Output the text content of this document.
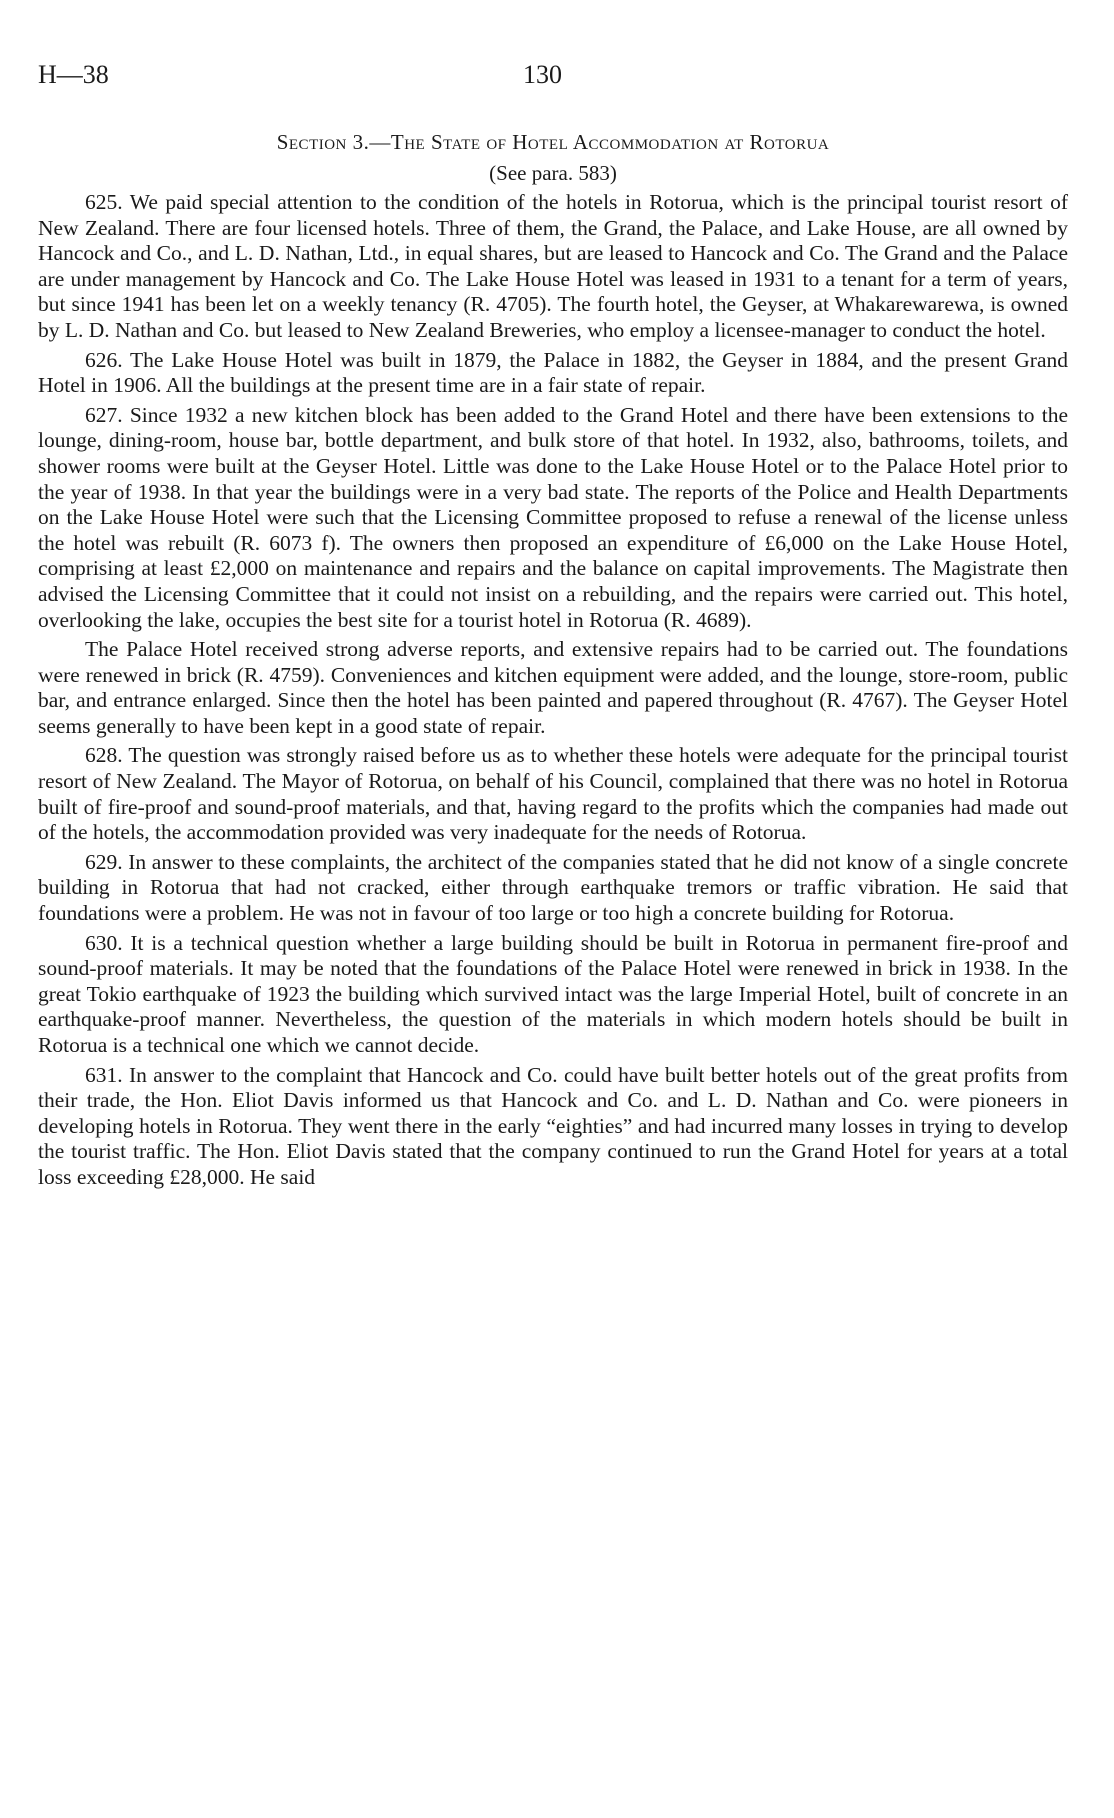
H—38	130
Section 3.—The State of Hotel Accommodation at Rotorua
(See para. 583)

625. We paid special attention to the condition of the hotels in Rotorua, which is the principal tourist resort of New Zealand. There are four licensed hotels. Three of them, the Grand, the Palace, and Lake House, are all owned by Hancock and Co., and L. D. Nathan, Ltd., in equal shares, but are leased to Hancock and Co. The Grand and the Palace are under management by Hancock and Co. The Lake House Hotel was leased in 1931 to a tenant for a term of years, but since 1941 has been let on a weekly tenancy (R. 4705). The fourth hotel, the Geyser, at Whakarewarewa, is owned by L. D. Nathan and Co. but leased to New Zealand Breweries, who employ a licensee-manager to conduct the hotel.

626. The Lake House Hotel was built in 1879, the Palace in 1882, the Geyser in 1884, and the present Grand Hotel in 1906. All the buildings at the present time are in a fair state of repair.

627. Since 1932 a new kitchen block has been added to the Grand Hotel and there have been extensions to the lounge, dining-room, house bar, bottle department, and bulk store of that hotel. In 1932, also, bathrooms, toilets, and shower rooms were built at the Geyser Hotel. Little was done to the Lake House Hotel or to the Palace Hotel prior to the year of 1938. In that year the buildings were in a very bad state. The reports of the Police and Health Departments on the Lake House Hotel were such that the Licensing Committee proposed to refuse a renewal of the license unless the hotel was rebuilt (R. 6073 f). The owners then proposed an expenditure of £6,000 on the Lake House Hotel, comprising at least £2,000 on maintenance and repairs and the balance on capital improvements. The Magistrate then advised the Licensing Committee that it could not insist on a rebuilding, and the repairs were carried out. This hotel, overlooking the lake, occupies the best site for a tourist hotel in Rotorua (R. 4689).

The Palace Hotel received strong adverse reports, and extensive repairs had to be carried out. The foundations were renewed in brick (R. 4759). Conveniences and kitchen equipment were added, and the lounge, store-room, public bar, and entrance enlarged. Since then the hotel has been painted and papered throughout (R. 4767). The Geyser Hotel seems generally to have been kept in a good state of repair.

628. The question was strongly raised before us as to whether these hotels were adequate for the principal tourist resort of New Zealand. The Mayor of Rotorua, on behalf of his Council, complained that there was no hotel in Rotorua built of fire-proof and sound-proof materials, and that, having regard to the profits which the companies had made out of the hotels, the accommodation provided was very inadequate for the needs of Rotorua.

629. In answer to these complaints, the architect of the companies stated that he did not know of a single concrete building in Rotorua that had not cracked, either through earthquake tremors or traffic vibration. He said that foundations were a problem. He was not in favour of too large or too high a concrete building for Rotorua.

630. It is a technical question whether a large building should be built in Rotorua in permanent fire-proof and sound-proof materials. It may be noted that the foundations of the Palace Hotel were renewed in brick in 1938. In the great Tokio earthquake of 1923 the building which survived intact was the large Imperial Hotel, built of concrete in an earthquake-proof manner. Nevertheless, the question of the materials in which modern hotels should be built in Rotorua is a technical one which we cannot decide.

631. In answer to the complaint that Hancock and Co. could have built better hotels out of the great profits from their trade, the Hon. Eliot Davis informed us that Hancock and Co. and L. D. Nathan and Co. were pioneers in developing hotels in Rotorua. They went there in the early “eighties” and had incurred many losses in trying to develop the tourist traffic. The Hon. Eliot Davis stated that the company continued to run the Grand Hotel for years at a total loss exceeding £28,000. He said
